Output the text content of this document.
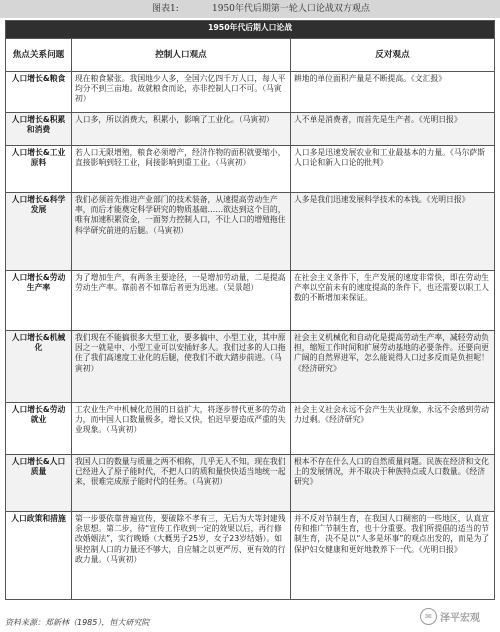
图表1:	1950年代后期第一轮人口论战双方观点
1950年代后期人口论战		
焦点关系问题	控制人口观点	反对观点
人口增长&粮食	现在粮食紧张。我国地少人多，全国六亿四千万人口，每人平均分不到三亩地。故就粮食而论，亦非控制人口不可。（马寅初）	耕地的单位面积产量是不断提高。《文汇报》
人口增长&积累和消费	人口多，所以消费大，积累小，影响了工业化。（马寅初）	人不单是消费者，而首先是生产者。《光明日报》
人口增长&工业原料	若人口无限增殖，粮食必须增产，经济作物的面积就要缩小，直接影响到轻工业，间接影响到重工业。（马寅初）	人口多是迅速发展农业和工业最基本的力量。《马尔萨斯人口论和新人口论的批判》
人口增长&科学发展	我们必须首先推进产业部门的技术装备，从速提高劳动生产率，而后才能奠定科学研究的物质基础……欲达到这个目的，唯有加速积累资金，一面努力控制人口，不让人口的增殖拖住科学研究前进的后腿。（马寅初）	人多是我们迅速发展科学技术的本钱。《光明日报》
人口增长&劳动生产率	为了增加生产，有两条主要途径，一是增加劳动量，二是提高劳动生产率。靠前者不如靠后者更为迅速。（吴景超）	在社会主义条件下，生产发展的速度非常快，即在劳动生产率以空前未有的速度提高的条件下，也还需要以职工人数的不断增加来保证。
人口增长&机械化	我们现在不能搞很多大型工业，要多搞中、小型工业，其中原因之一就是中、小型工业可以安插好多人。我们过多的人口拖住了我们高速度工业化的后腿，使我们不敢大踏步前进。（马寅初）	社会主义机械化和自动化是提高劳动生产率，减轻劳动负担，缩短工作时间和扩展劳动基地的必要条件。还要向更广阔的自然界进军，怎么能说得人口过多反而是负担呢！《经济研究》
人口增长&劳动就业	工农业生产中机械化范围的日益扩大，将逐步替代更多的劳动力，而中国人口数量极多，增长又快，怕迟早要造成严重的失业现象。（马寅初）	社会主义社会永远不会产生失业现象，永远不会感到劳动力过剩。《经济研究》
人口增长&人口质量	我国人口的数量与质量之两不相称，几乎无人不知。现在我们已经进入了原子能时代，不把人口的质和量快快适当地统一起来，很难完成原子能时代的任务。（马寅初）	根本不存在什么人口的自然质量问题。民族在经济和文化上的发展情况，并不取决于种族特点或人口数量。《经济研究》
人口政策和措施	第一步要依靠普遍宣传，要破除不孝有三，无后为大等封建残余思想。第二步，待“宣传工作收到一定的效果以后，再行修改婚姻法”，实行晚婚（大概男子25岁，女子23岁结婚）。如果控制人口的力量还不够大，自应辅之以更严厉、更有效的行政力量。（马寅初）	并不反对节制生育，在我国人口稠密的一些地区，认真宣传和推广节制生育，也十分重要。我们所提倡的适当的节制生育，决不是以“人多是坏事”的观点出发的，而是为了保护妇女健康和更好地教养下一代。《光明日报》
资料来源：郑新林（1985），恒大研究院
✉ 泽平宏观
